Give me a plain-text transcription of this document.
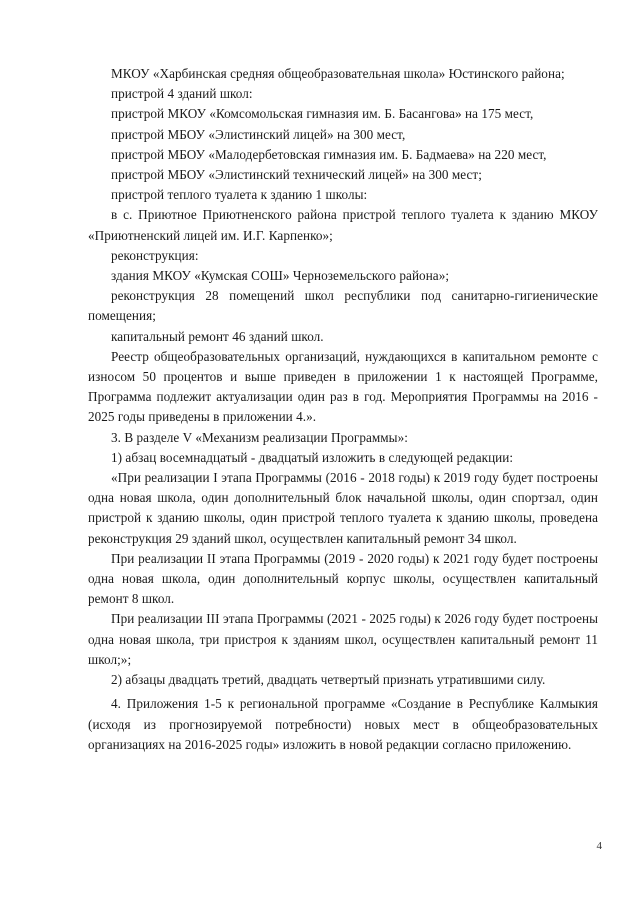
МКОУ «Харбинская средняя общеобразовательная школа» Юстинского района;

пристрой 4 зданий школ:

пристрой МКОУ «Комсомольская гимназия им. Б. Басангова» на 175 мест,

пристрой МБОУ «Элистинский лицей» на 300 мест,

пристрой МБОУ «Малодербетовская гимназия им. Б. Бадмаева» на 220 мест,

пристрой МБОУ «Элистинский технический лицей» на 300 мест;

пристрой теплого туалета к зданию 1 школы:

в с. Приютное Приютненского района пристрой теплого туалета к зданию МКОУ «Приютненский лицей им. И.Г. Карпенко»;

реконструкция:

здания МКОУ «Кумская СОШ» Черноземельского района»;

реконструкция 28 помещений школ республики под санитарно-гигиенические помещения;

капитальный ремонт 46 зданий школ.

Реестр общеобразовательных организаций, нуждающихся в капитальном ремонте с износом 50 процентов и выше приведен в приложении 1 к настоящей Программе, Программа подлежит актуализации один раз в год. Мероприятия Программы на 2016 - 2025 годы приведены в приложении 4.».

3. В разделе V «Механизм реализации Программы»:

1) абзац восемнадцатый - двадцатый изложить в следующей редакции:

«При реализации I этапа Программы (2016 - 2018 годы) к 2019 году будет построены одна новая школа, один дополнительный блок начальной школы, один спортзал, один пристрой к зданию школы, один пристрой теплого туалета к зданию школы, проведена реконструкция 29 зданий школ, осуществлен капитальный ремонт 34 школ.

При реализации II этапа Программы (2019 - 2020 годы) к 2021 году будет построены одна новая школа, один дополнительный корпус школы, осуществлен капитальный ремонт 8 школ.

При реализации III этапа Программы (2021 - 2025 годы) к 2026 году будет построены одна новая школа, три пристроя к зданиям школ, осуществлен капитальный ремонт 11 школ;»;

2) абзацы двадцать третий, двадцать четвертый признать утратившими силу.

4. Приложения 1-5 к региональной программе «Создание в Республике Калмыкия (исходя из прогнозируемой потребности) новых мест в общеобразовательных организациях на 2016-2025 годы» изложить в новой редакции согласно приложению.

4
